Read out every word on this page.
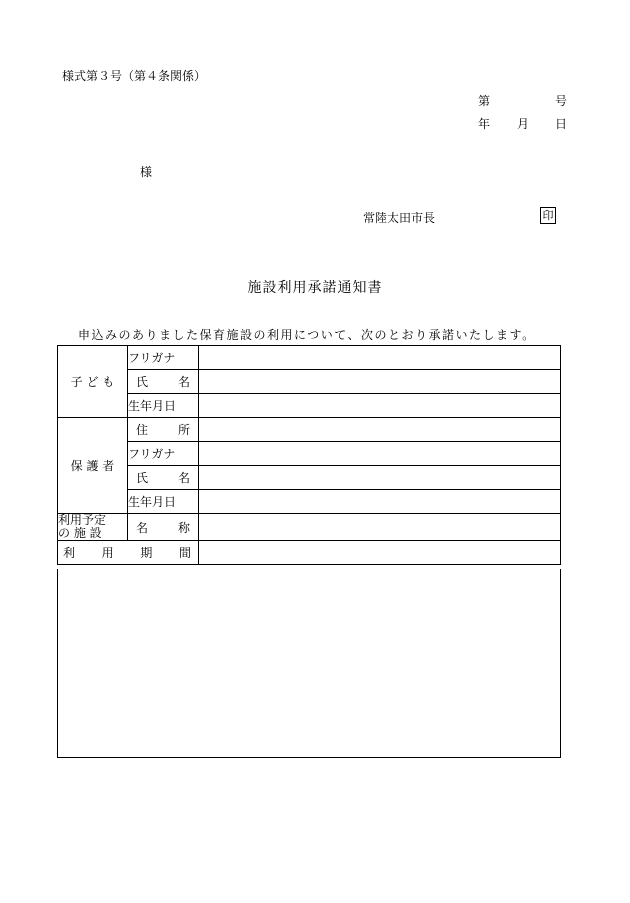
様式第３号（第４条関係）
第	号
年 月 日
様
常陸太田市長	印
施設利用承諾通知書
申込みのありました保育施設の利用について、次のとおり承諾いたします。
子 ど も	フリガナ	

	氏 名	

	生年月日	
保 護 者	住 所	

	フリガナ	

	氏 名	

	生年月日	

利用予定
の 施 設	名 称	

利 用 期 間		
